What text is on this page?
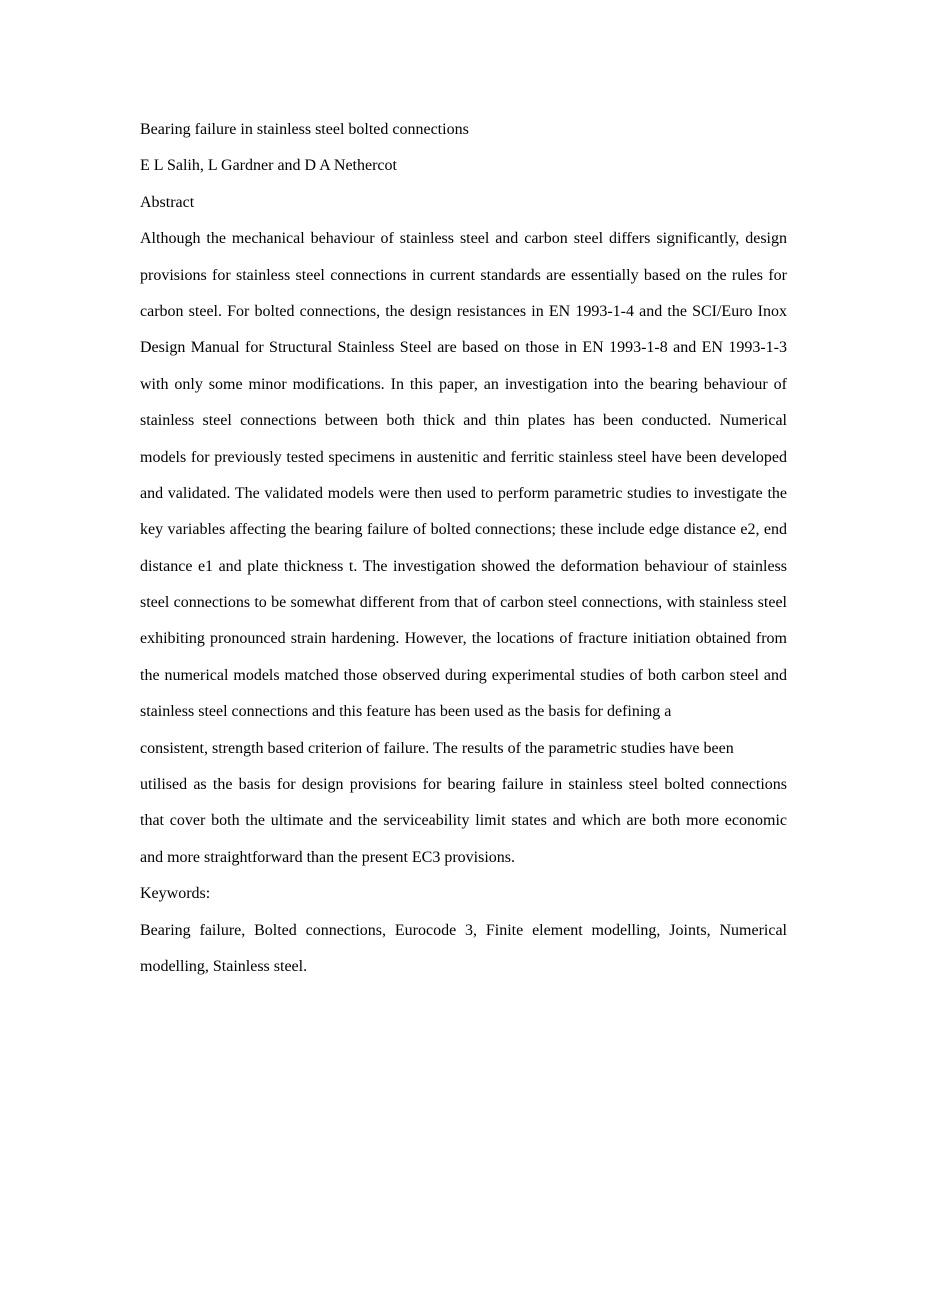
Bearing failure in stainless steel bolted connections
E L Salih, L Gardner and D A Nethercot
Abstract
Although the mechanical behaviour of stainless steel and carbon steel differs significantly, design
provisions for stainless steel connections in current standards are essentially based on the rules for
carbon steel. For bolted connections, the design resistances in EN 1993-1-4 and the SCI/Euro Inox
Design Manual for Structural Stainless Steel are based on those in EN 1993-1-8 and EN 1993-1-3
with only some minor modifications. In this paper, an investigation into the bearing behaviour of
stainless steel connections between both thick and thin plates has been conducted. Numerical
models for previously tested specimens in austenitic and ferritic stainless steel have been developed
and validated. The validated models were then used to perform parametric studies to investigate the
key variables affecting the bearing failure of bolted connections; these include edge distance e2, end
distance e1 and plate thickness t. The investigation showed the deformation behaviour of stainless
steel connections to be somewhat different from that of carbon steel connections, with stainless steel
exhibiting pronounced strain hardening. However, the locations of fracture initiation obtained from
the numerical models matched those observed during experimental studies of both carbon steel and
stainless steel connections and this feature has been used as the basis for defining a
consistent, strength based criterion of failure. The results of the parametric studies have been
utilised as the basis for design provisions for bearing failure in stainless steel bolted connections
that cover both the ultimate and the serviceability limit states and which are both more economic
and more straightforward than the present EC3 provisions.
Keywords:
Bearing failure, Bolted connections, Eurocode 3, Finite element modelling, Joints, Numerical
modelling, Stainless steel.
